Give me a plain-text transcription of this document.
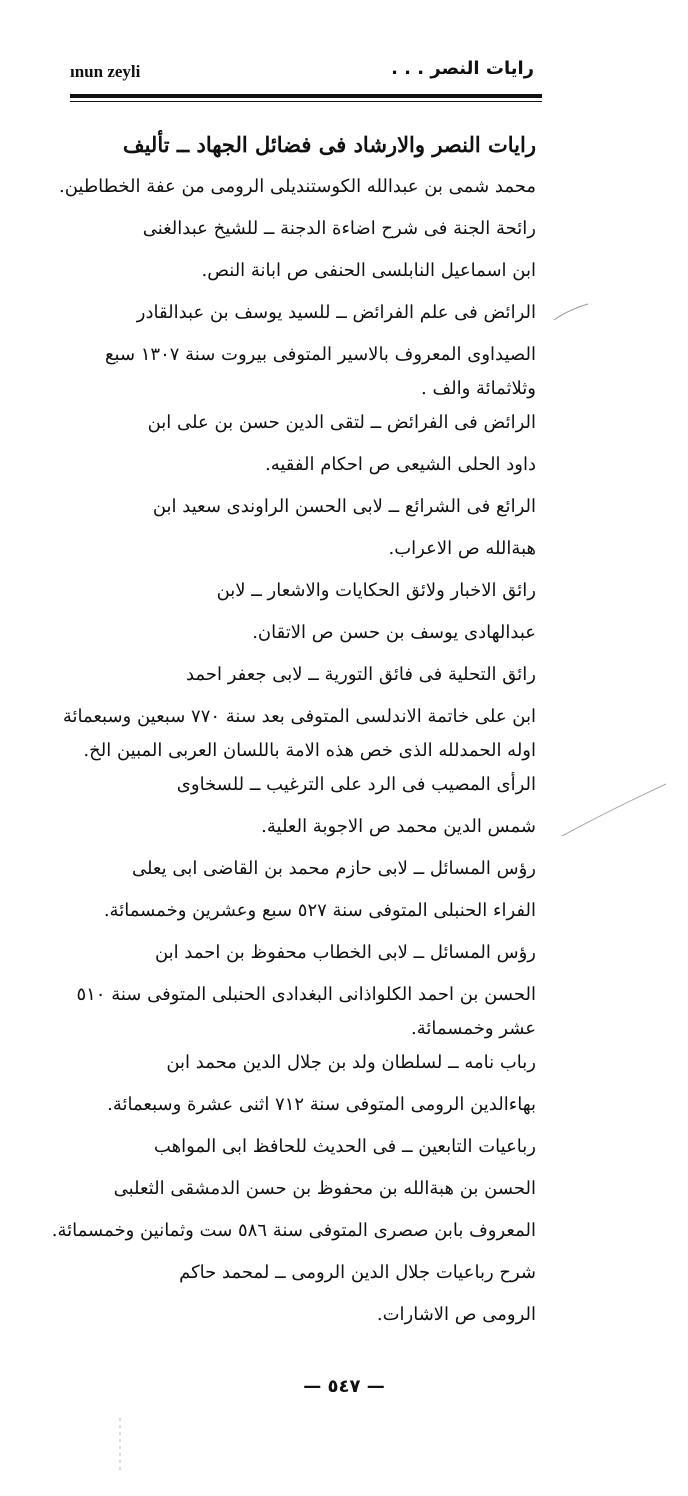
ınun zeyli	رايات النصر . . .
رايات النصر والارشاد فى فضائل الجهاد ــ تأليف
محمد شمى بن عبدالله الكوستنديلى الرومى من عفة الخطاطين.
رائحة الجنة فى شرح اضاءة الدجنة ــ للشيخ عبدالغنى
ابن اسماعيل النابلسى الحنفى ص ابانة النص.
الرائض فى علم الفرائض ــ للسيد يوسف بن عبدالقادر
الصيداوى المعروف بالاسير المتوفى بيروت سنة ١٣٠٧ سبع
وثلاثمائة والف .
الرائض فى الفرائض ــ لتقى الدين حسن بن على ابن
داود الحلى الشيعى ص احكام الفقيه.
الرائع فى الشرائع ــ لابى الحسن الراوندى سعيد ابن
هبةالله ص الاعراب.
رائق الاخبار ولائق الحكايات والاشعار ــ لابن
عبدالهادى يوسف بن حسن ص الاتقان.
رائق التحلية فى فائق التورية ــ لابى جعفر احمد
ابن على خاتمة الاندلسى المتوفى بعد سنة ٧٧٠ سبعين وسبعمائة
اوله الحمدلله الذى خص هذه الامة باللسان العربى المبين الخ.
الرأى المصيب فى الرد على الترغيب ــ للسخاوى
شمس الدين محمد ص الاجوبة العلية.
رؤس المسائل ــ لابى حازم محمد بن القاضى ابى يعلى
الفراء الحنبلى المتوفى سنة ٥٢٧ سبع وعشرين وخمسمائة.
رؤس المسائل ــ لابى الخطاب محفوظ بن احمد ابن
الحسن بن احمد الكلواذانى البغدادى الحنبلى المتوفى سنة ٥١٠
عشر وخمسمائة.
رباب نامه ــ لسلطان ولد بن جلال الدين محمد ابن
بهاءالدين الرومى المتوفى سنة ٧١٢ اثنى عشرة وسبعمائة.
رباعيات التابعين ــ فى الحديث للحافظ ابى المواهب
الحسن بن هبةالله بن محفوظ بن حسن الدمشقى الثعلبى
المعروف بابن صصرى المتوفى سنة ٥٨٦ ست وثمانين وخمسمائة.
شرح رباعيات جلال الدين الرومى ــ لمحمد حاكم
الرومى ص الاشارات.
— ٥٤٧ —
